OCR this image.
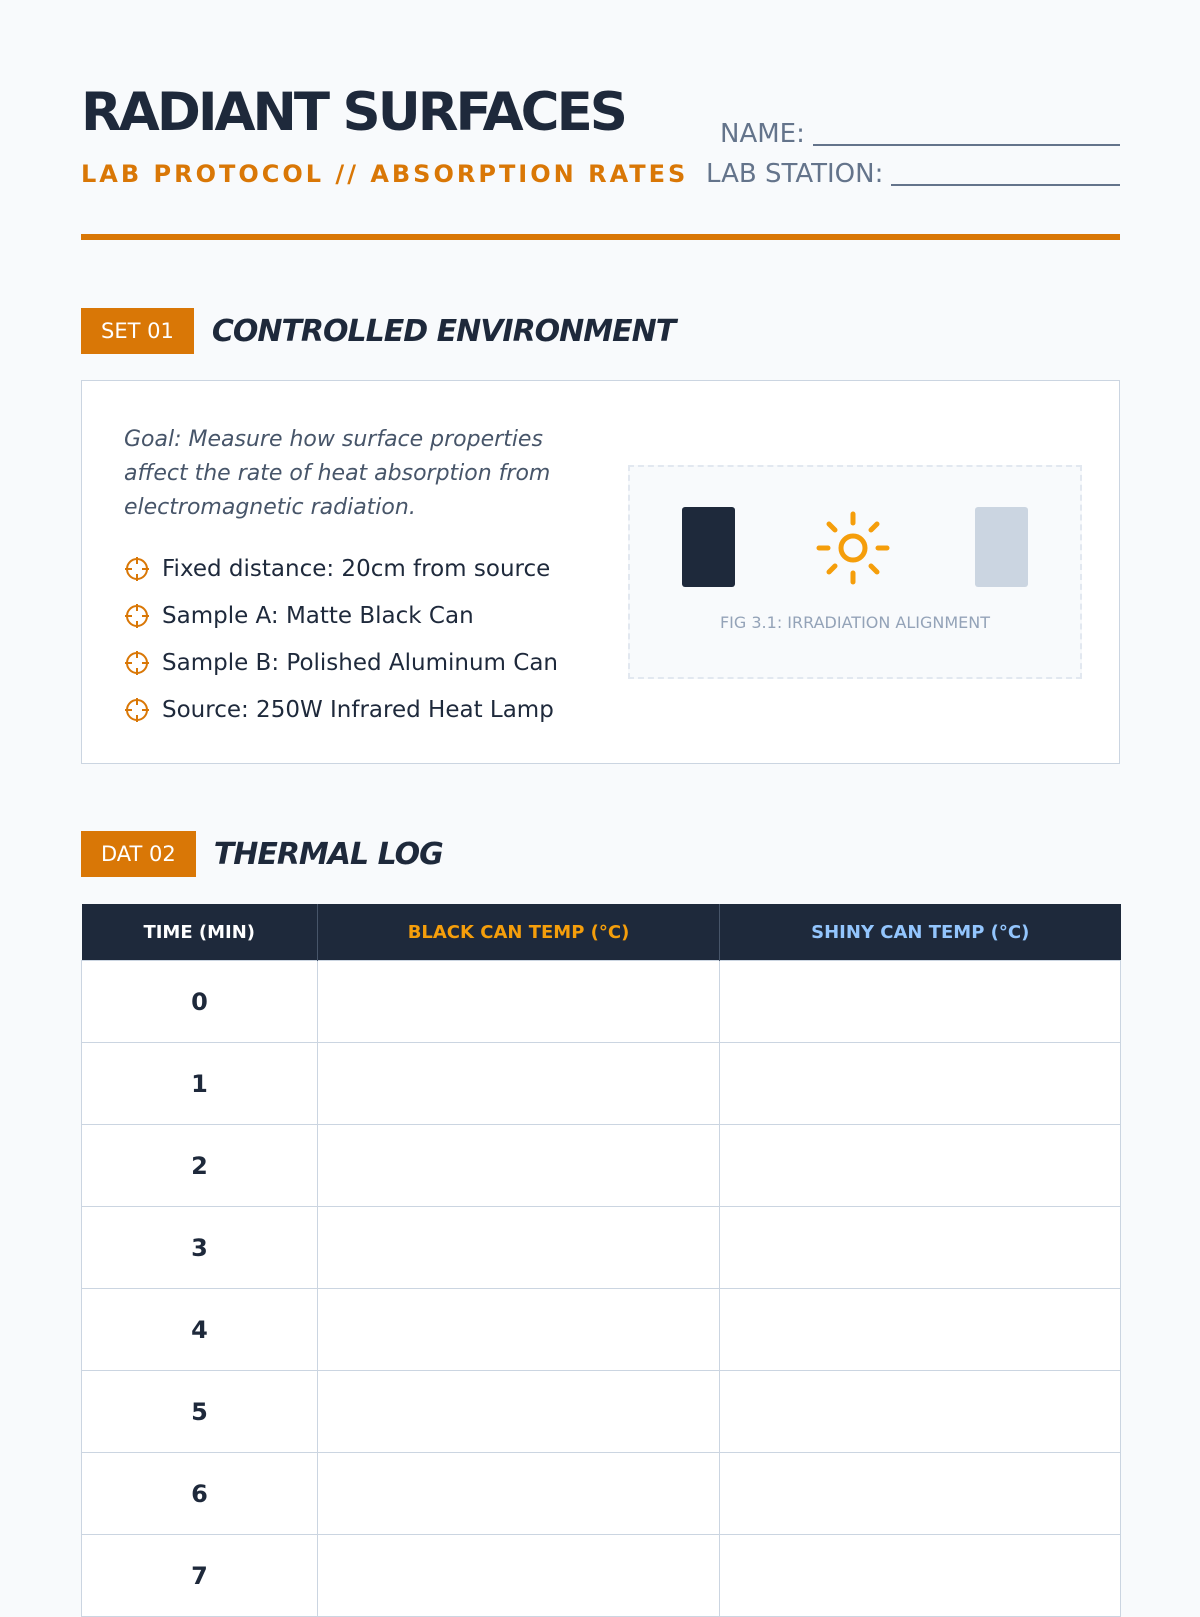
RADIANT SURFACES
LAB PROTOCOL // ABSORPTION RATES
NAME:
LAB STATION:
SET 01	CONTROLLED ENVIRONMENT
Goal: Measure how surface properties affect the rate of heat absorption from electromagnetic radiation.
Fixed distance: 20cm from source
Sample A: Matte Black Can
Sample B: Polished Aluminum Can
Source: 250W Infrared Heat Lamp
FIG 3.1: IRRADIATION ALIGNMENT
DAT 02	THERMAL LOG
TIME (MIN)	BLACK CAN TEMP (°C)	SHINY CAN TEMP (°C)
0		
1		
2		
3		
4		
5		
6		
7		
